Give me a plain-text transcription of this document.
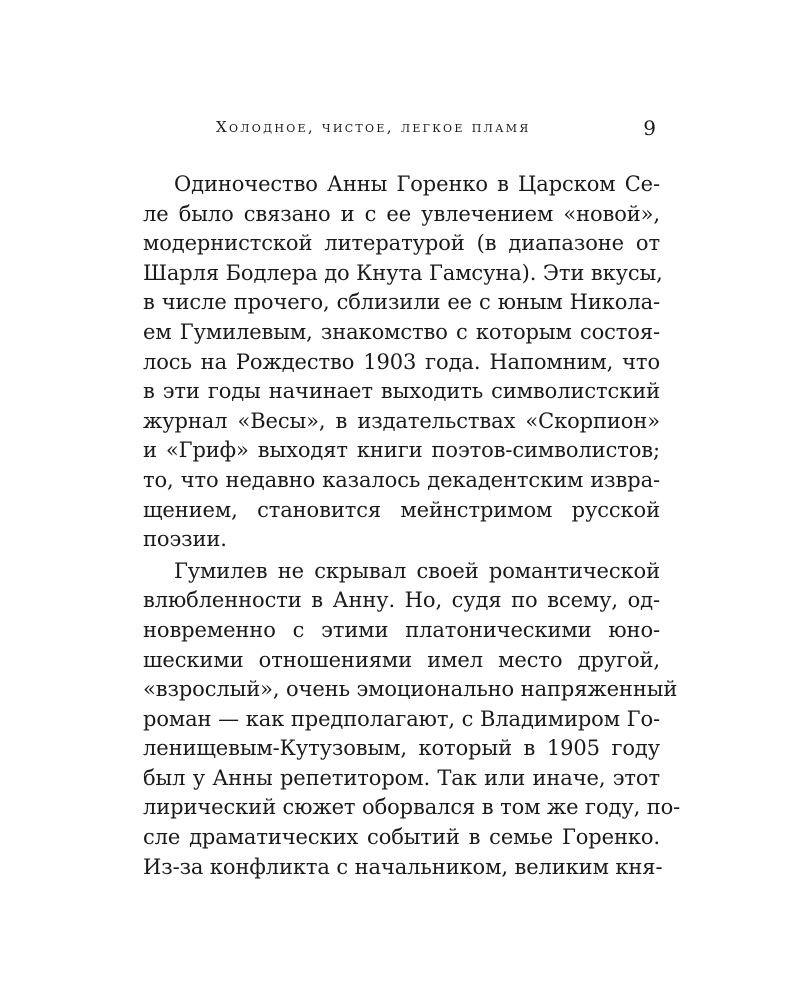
Холодное, чистое, легкое пламя	9
Одиночество Анны Горенко в Царском Се-
ле было связано и с ее увлечением «новой»,
модернистской литературой (в диапазоне от
Шарля Бодлера до Кнута Гамсуна). Эти вкусы,
в числе прочего, сблизили ее с юным Никола-
ем Гумилевым, знакомство с которым состоя-
лось на Рождество 1903 года. Напомним, что
в эти годы начинает выходить символистский
журнал «Весы», в издательствах «Скорпион»
и «Гриф» выходят книги поэтов-символистов;
то, что недавно казалось декадентским извра-
щением, становится мейнстримом русской
поэзии.
Гумилев не скрывал своей романтической
влюбленности в Анну. Но, судя по всему, од-
новременно с этими платоническими юно-
шескими отношениями имел место другой,
«взрослый», очень эмоционально напряженный
роман — как предполагают, с Владимиром Го-
ленищевым-Кутузовым, который в 1905 году
был у Анны репетитором. Так или иначе, этот
лирический сюжет оборвался в том же году, по-
сле драматических событий в семье Горенко.
Из-за конфликта с начальником, великим кня-
